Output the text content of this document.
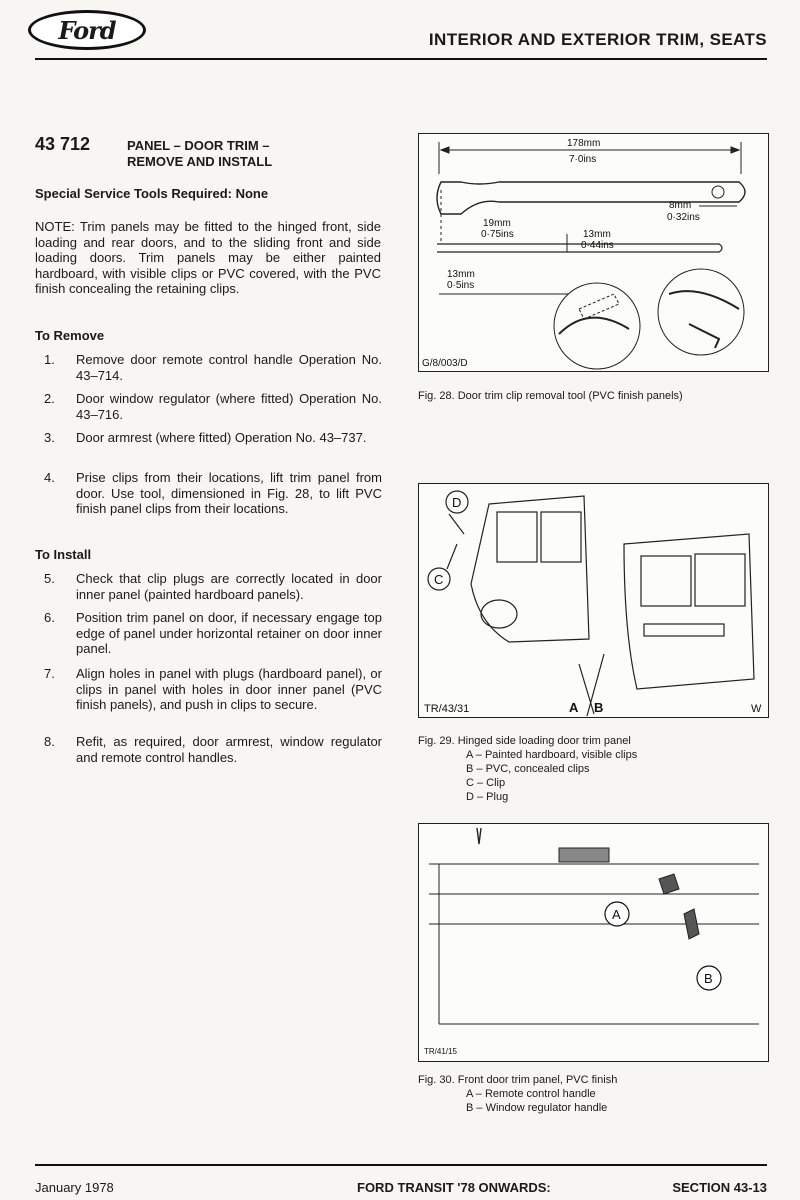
Ford	INTERIOR AND EXTERIOR TRIM, SEATS
43 712	PANEL – DOOR TRIM –
REMOVE AND INSTALL
Special Service Tools Required: None
NOTE: Trim panels may be fitted to the hinged front, side loading and rear doors, and to the sliding front and side loading doors. Trim panels may be either painted hardboard, with visible clips or PVC covered, with the PVC finish concealing the retaining clips.
To Remove
1.	Remove door remote control handle Operation No. 43–714.
2.	Door window regulator (where fitted) Operation No. 43–716.
3.	Door armrest (where fitted) Operation No. 43–737.
4.	Prise clips from their locations, lift trim panel from door. Use tool, dimensioned in Fig. 28, to lift PVC finish panel clips from their locations.
To Install
5.	Check that clip plugs are correctly located in door inner panel (painted hardboard panels).
6.	Position trim panel on door, if necessary engage top edge of panel under horizontal retainer on door inner panel.
7.	Align holes in panel with plugs (hardboard panel), or clips in panel with holes in door inner panel (PVC finish panels), and push in clips to secure.
8.	Refit, as required, door armrest, window regulator and remote control handles.
178mm
7·0ins
8mm
0·32ins
19mm
0·75ins	13mm
0·44ins
13mm
0·5ins
G/8/003/D
Fig. 28. Door trim clip removal tool (PVC finish panels)
D
C
TR/43/31	A B	W
Fig. 29. Hinged side loading door trim panel
A – Painted hardboard, visible clips
B – PVC, concealed clips
C – Clip
D – Plug
A
B
TR/41/15
Fig. 30. Front door trim panel, PVC finish
A – Remote control handle
B – Window regulator handle
January 1978	FORD TRANSIT '78 ONWARDS:	SECTION 43-13
